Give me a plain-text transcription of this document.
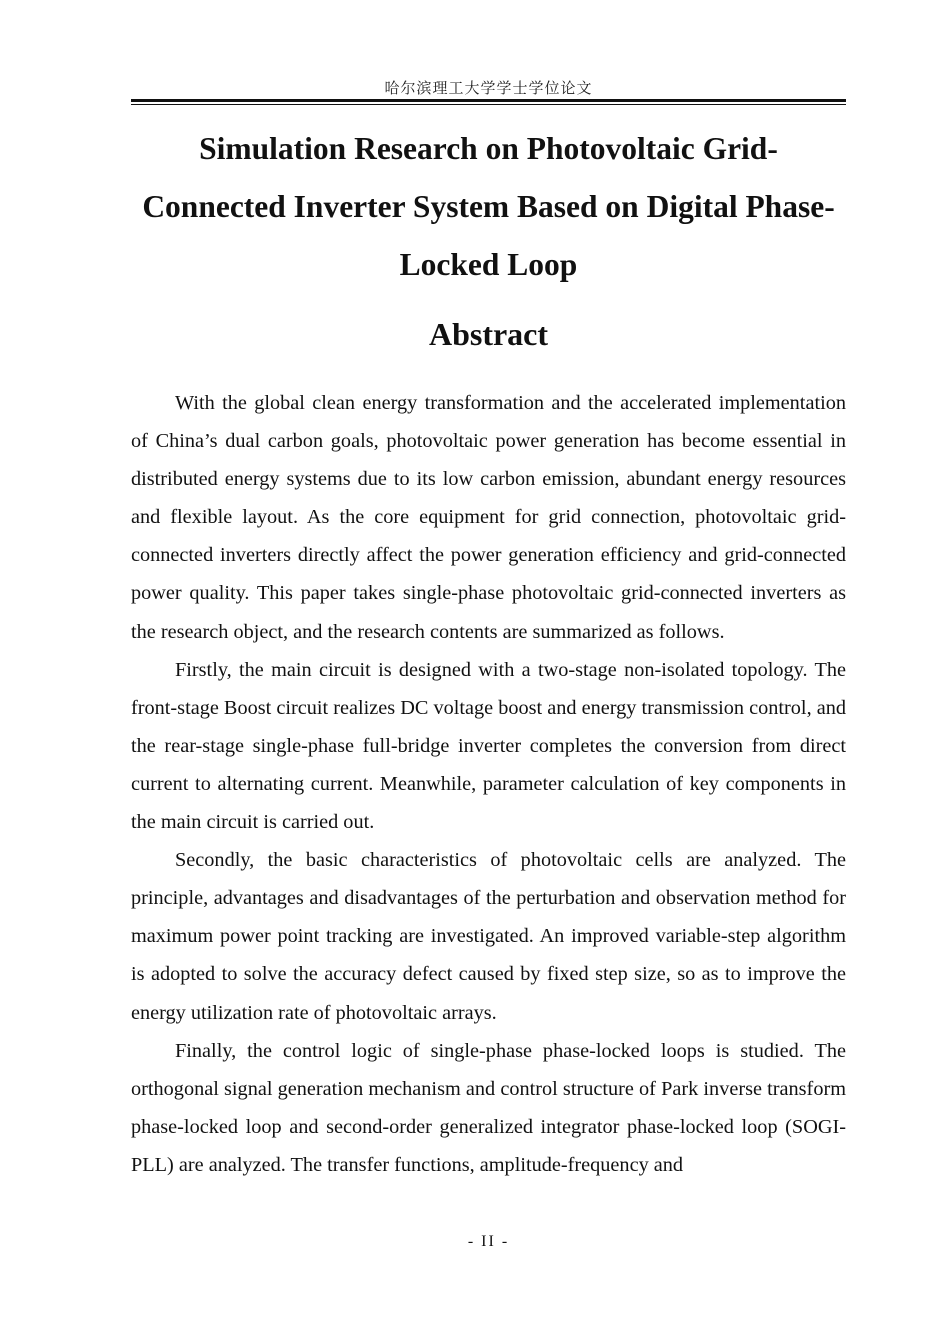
哈尔滨理工大学学士学位论文
Simulation Research on Photovoltaic Grid-Connected Inverter System Based on Digital Phase-Locked Loop
Abstract

With the global clean energy transformation and the accelerated implementation of China’s dual carbon goals, photovoltaic power generation has become essential in distributed energy systems due to its low carbon emission, abundant energy resources and flexible layout. As the core equipment for grid connection, photovoltaic grid-connected inverters directly affect the power generation efficiency and grid-connected power quality. This paper takes single-phase photovoltaic grid-connected inverters as the research object, and the research contents are summarized as follows.

Firstly, the main circuit is designed with a two-stage non-isolated topology. The front-stage Boost circuit realizes DC voltage boost and energy transmission control, and the rear-stage single-phase full-bridge inverter completes the conversion from direct current to alternating current. Meanwhile, parameter calculation of key components in the main circuit is carried out.

Secondly, the basic characteristics of photovoltaic cells are analyzed. The principle, advantages and disadvantages of the perturbation and observation method for maximum power point tracking are investigated. An improved variable-step algorithm is adopted to solve the accuracy defect caused by fixed step size, so as to improve the energy utilization rate of photovoltaic arrays.

Finally, the control logic of single-phase phase-locked loops is studied. The orthogonal signal generation mechanism and control structure of Park inverse transform phase-locked loop and second-order generalized integrator phase-locked loop (SOGI-PLL) are analyzed. The transfer functions, amplitude-frequency and

- II -
